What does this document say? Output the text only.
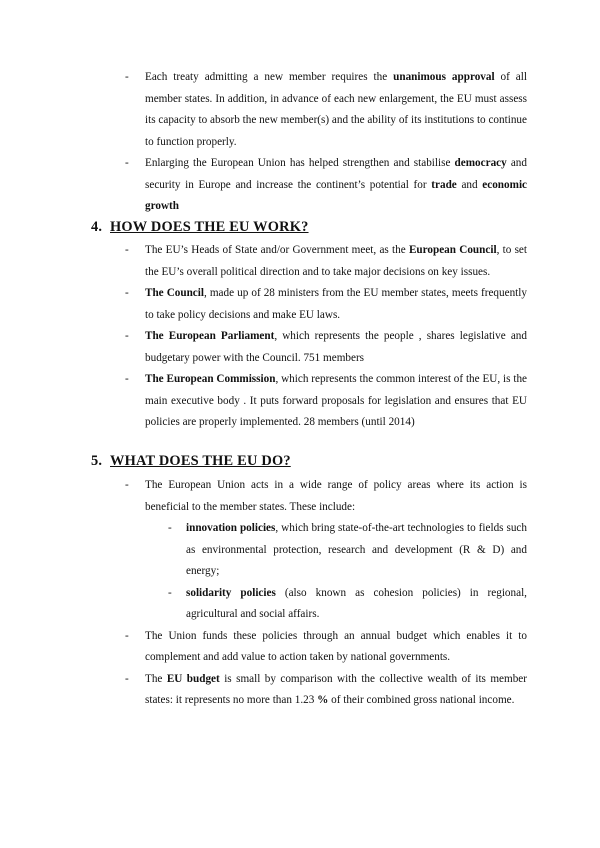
- Each treaty admitting a new member requires the unanimous approval of all member states. In addition, in advance of each new enlargement, the EU must assess its capacity to absorb the new member(s) and the ability of its institutions to continue to function properly.
- Enlarging the European Union has helped strengthen and stabilise democracy and security in Europe and increase the continent’s potential for trade and economic growth
4. HOW DOES THE EU WORK?
- The EU’s Heads of State and/or Government meet, as the European Council, to set the EU’s overall political direction and to take major decisions on key issues.
- The Council, made up of 28 ministers from the EU member states, meets frequently to take policy decisions and make EU laws.
- The European Parliament, which represents the people , shares legislative and budgetary power with the Council. 751 members
- The European Commission, which represents the common interest of the EU, is the main executive body . It puts forward proposals for legislation and ensures that EU policies are properly implemented. 28 members (until 2014)
5. WHAT DOES THE EU DO?
- The European Union acts in a wide range of policy areas where its action is beneficial to the member states. These include:
- innovation policies, which bring state-of-the-art technologies to fields such as environmental protection, research and development (R & D) and energy;
- solidarity policies (also known as cohesion policies) in regional, agricultural and social affairs.
- The Union funds these policies through an annual budget which enables it to complement and add value to action taken by national governments.
- The EU budget is small by comparison with the collective wealth of its member states: it represents no more than 1.23 % of their combined gross national income.
